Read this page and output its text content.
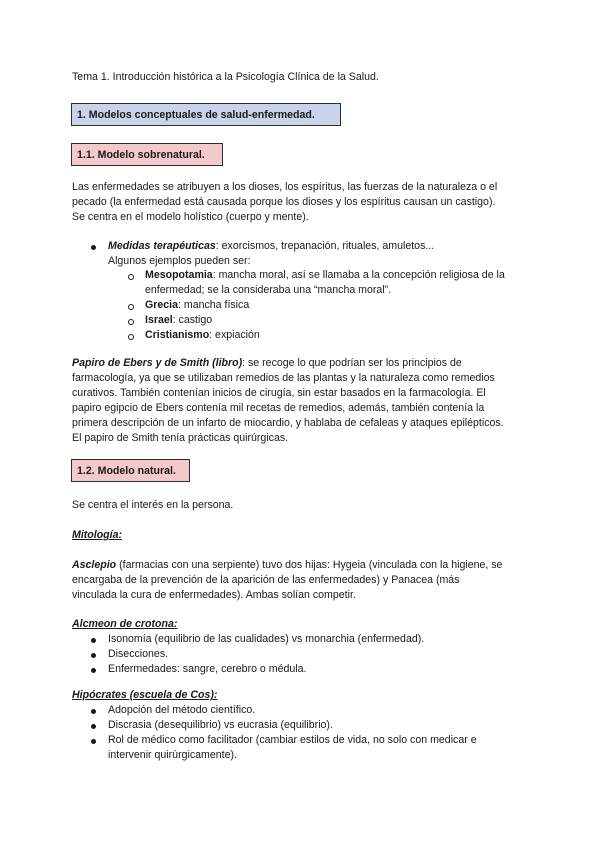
Tema 1. Introducción histórica a la Psicología Clínica de la Salud.
1. Modelos conceptuales de salud-enfermedad.
1.1. Modelo sobrenatural.
Las enfermedades se atribuyen a los dioses, los espíritus, las fuerzas de la naturaleza o el
pecado (la enfermedad está causada porque los dioses y los espíritus causan un castigo).
Se centra en el modelo holístico (cuerpo y mente).
Medidas terapéuticas: exorcismos, trepanación, rituales, amuletos...
Algunos ejemplos pueden ser:
Mesopotamia: mancha moral, así se llamaba a la concepción religiosa de la
enfermedad; se la consideraba una “mancha moral”.
Grecia: mancha física
Israel: castigo
Cristianismo: expiación
Papiro de Ebers y de Smith (libro): se recoge lo que podrían ser los principios de
farmacología, ya que se utilizaban remedios de las plantas y la naturaleza como remedios
curativos. También contenían inicios de cirugía, sin estar basados en la farmacología. El
papiro egipcio de Ebers contenía mil recetas de remedios, además, también contenía la
primera descripción de un infarto de miocardio, y hablaba de cefaleas y ataques epilépticos.
El papiro de Smith tenía prácticas quirúrgicas.
1.2. Modelo natural.
Se centra el interés en la persona.
Mitología:
Asclepio (farmacias con una serpiente) tuvo dos hijas: Hygeia (vinculada con la higiene, se
encargaba de la prevención de la aparición de las enfermedades) y Panacea (más
vinculada la cura de enfermedades). Ambas solían competir.
Alcmeon de crotona:
Isonomía (equilibrio de las cualidades) vs monarchia (enfermedad).
Disecciones.
Enfermedades: sangre, cerebro o médula.
Hipócrates (escuela de Cos):
Adopción del método científico.
Discrasia (desequilibrio) vs eucrasia (equilibrio).
Rol de médico como facilitador (cambiar estilos de vida, no solo con medicar e
intervenir quirúrgicamente).
